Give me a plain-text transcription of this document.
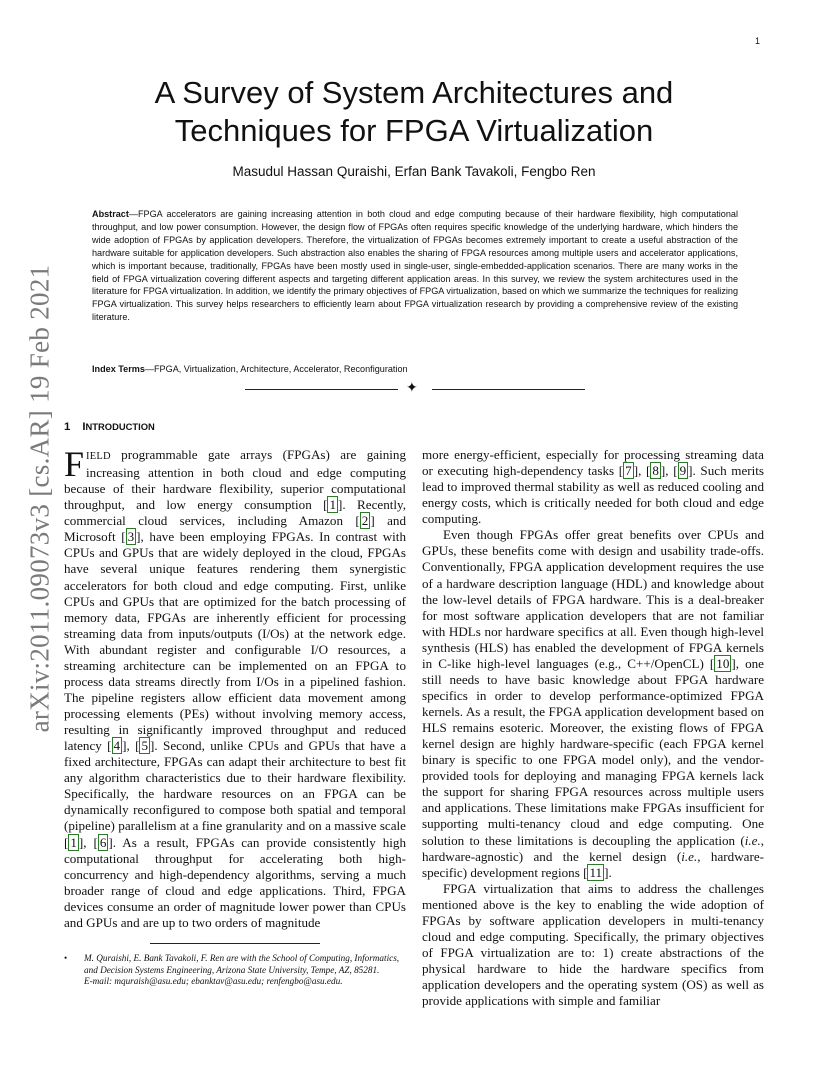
1
arXiv:2011.09073v3 [cs.AR] 19 Feb 2021
A Survey of System Architectures and
Techniques for FPGA Virtualization
Masudul Hassan Quraishi, Erfan Bank Tavakoli, Fengbo Ren

Abstract—FPGA accelerators are gaining increasing attention in both cloud and edge computing because of their hardware flexibility, high computational throughput, and low power consumption. However, the design flow of FPGAs often requires specific knowledge of the underlying hardware, which hinders the wide adoption of FPGAs by application developers. Therefore, the virtualization of FPGAs becomes extremely important to create a useful abstraction of the hardware suitable for application developers. Such abstraction also enables the sharing of FPGA resources among multiple users and accelerator applications, which is important because, traditionally, FPGAs have been mostly used in single-user, single-embedded-application scenarios. There are many works in the field of FPGA virtualization covering different aspects and targeting different application areas. In this survey, we review the system architectures used in the literature for FPGA virtualization. In addition, we identify the primary objectives of FPGA virtualization, based on which we summarize the techniques for realizing FPGA virtualization. This survey helps researchers to efficiently learn about FPGA virtualization research by providing a comprehensive review of the existing literature.

Index Terms—FPGA, Virtualization, Architecture, Accelerator, Reconfiguration

✦
1 INTRODUCTION

FIELD programmable gate arrays (FPGAs) are gaining increasing attention in both cloud and edge computing because of their hardware flexibility, superior computational throughput, and low energy consumption [ 1 ]. Recently, commercial cloud services, including Amazon [ 2 ] and Microsoft [ 3 ], have been employing FPGAs. In contrast with CPUs and GPUs that are widely deployed in the cloud, FPGAs have several unique features rendering them synergistic accelerators for both cloud and edge computing. First, unlike CPUs and GPUs that are optimized for the batch processing of memory data, FPGAs are inherently efficient for processing streaming data from inputs/outputs (I/Os) at the network edge. With abundant register and configurable I/O resources, a streaming architecture can be implemented on an FPGA to process data streams directly from I/Os in a pipelined fashion. The pipeline registers allow efficient data movement among processing elements (PEs) without involving memory access, resulting in significantly improved throughput and reduced latency [ 4 ], [ 5 ]. Second, unlike CPUs and GPUs that have a fixed architecture, FPGAs can adapt their architecture to best fit any algorithm characteristics due to their hardware flexibility. Specifically, the hardware resources on an FPGA can be dynamically reconfigured to compose both spatial and temporal (pipeline) parallelism at a fine granularity and on a massive scale [ 1 ], [ 6 ]. As a result, FPGAs can provide consistently high computational throughput for accelerating both high-concurrency and high-dependency algorithms, serving a much broader range of cloud and edge applications. Third, FPGA devices consume an order of magnitude lower power than CPUs and GPUs and are up to two orders of magnitude

more energy-efficient, especially for processing streaming data or executing high-dependency tasks [ 7 ], [ 8 ], [ 9 ]. Such merits lead to improved thermal stability as well as reduced cooling and energy costs, which is critically needed for both cloud and edge computing.

Even though FPGAs offer great benefits over CPUs and GPUs, these benefits come with design and usability trade-offs. Conventionally, FPGA application development requires the use of a hardware description language (HDL) and knowledge about the low-level details of FPGA hardware. This is a deal-breaker for most software application developers that are not familiar with HDLs nor hardware specifics at all. Even though high-level synthesis (HLS) has enabled the development of FPGA kernels in C-like high-level languages (e.g., C++/OpenCL) [ 10 ], one still needs to have basic knowledge about FPGA hardware specifics in order to develop performance-optimized FPGA kernels. As a result, the FPGA application development based on HLS remains esoteric. Moreover, the existing flows of FPGA kernel design are highly hardware-specific (each FPGA kernel binary is specific to one FPGA model only), and the vendor-provided tools for deploying and managing FPGA kernels lack the support for sharing FPGA resources across multiple users and applications. These limitations make FPGAs insufficient for supporting multi-tenancy cloud and edge computing. One solution to these limitations is decoupling the application (i.e., hardware-agnostic) and the kernel design (i.e., hardware-specific) development regions [ 11 ].

FPGA virtualization that aims to address the challenges mentioned above is the key to enabling the wide adoption of FPGAs by software application developers in multi-tenancy cloud and edge computing. Specifically, the primary objectives of FPGA virtualization are to: 1) create abstractions of the physical hardware to hide the hardware specifics from application developers and the operating system (OS) as well as provide applications with simple and familiar

• M. Quraishi, E. Bank Tavakoli, F. Ren are with the School of Computing, Informatics, and Decision Systems Engineering, Arizona State University, Tempe, AZ, 85281.
E-mail: mquraish@asu.edu; ebanktav@asu.edu; renfengbo@asu.edu.
